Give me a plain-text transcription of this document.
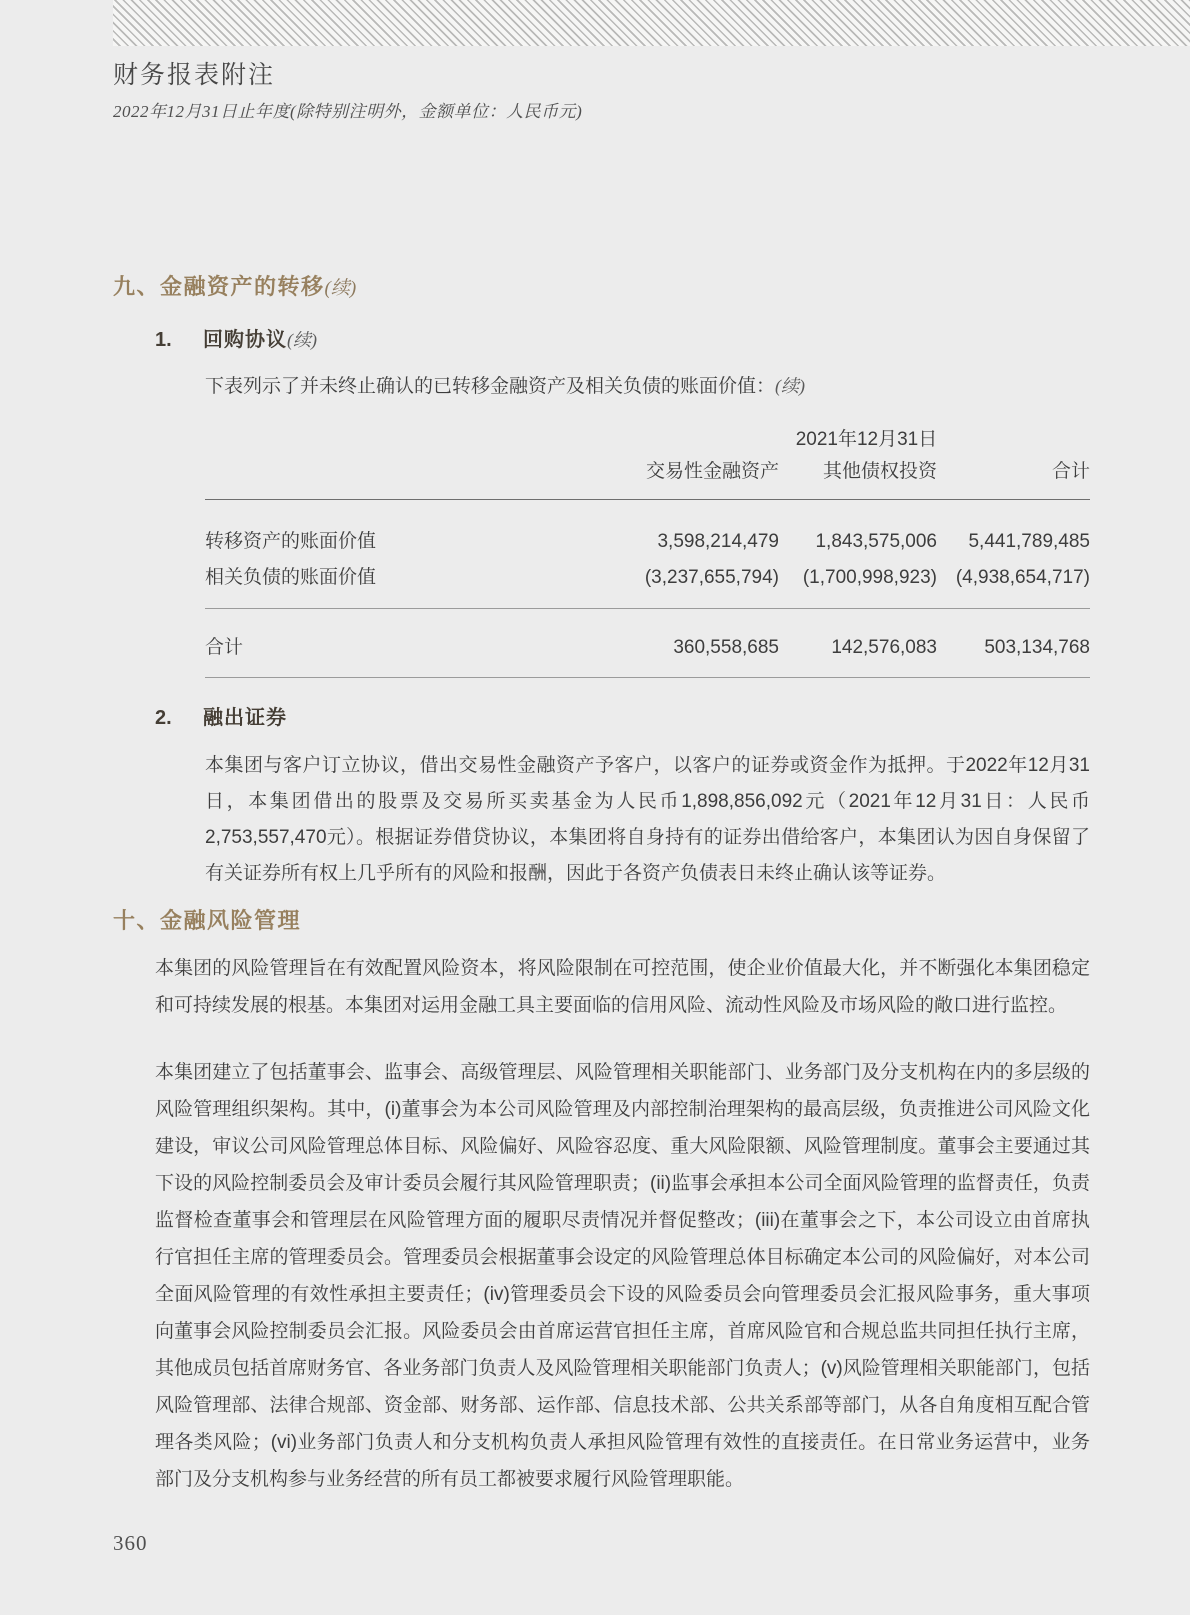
财务报表附注
2022年12月31日止年度(除特别注明外，金额单位：人民币元)
九、金融资产的转移(续)
1. 回购协议(续)
下表列示了并未终止确认的已转移金融资产及相关负债的账面价值：(续)
2021年12月31日
交易性金融资产	其他债权投资	合计
转移资产的账面价值	3,598,214,479	1,843,575,006	5,441,789,485
相关负债的账面价值	(3,237,655,794)	(1,700,998,923) (4,938,654,717)
合计	360,558,685	142,576,083	503,134,768
2. 融出证券
本集团与客户订立协议，借出交易性金融资产予客户，以客户的证券或资金作为抵押。于2022年12月31日，本集团借出的股票及交易所买卖基金为人民币1,898,856,092元（2021年12月31日：人民币2,753,557,470元）。根据证券借贷协议，本集团将自身持有的证券出借给客户，本集团认为因自身保留了有关证券所有权上几乎所有的风险和报酬，因此于各资产负债表日未终止确认该等证券。
十、金融风险管理
本集团的风险管理旨在有效配置风险资本，将风险限制在可控范围，使企业价值最大化，并不断强化本集团稳定和可持续发展的根基。本集团对运用金融工具主要面临的信用风险、流动性风险及市场风险的敞口进行监控。
本集团建立了包括董事会、监事会、高级管理层、风险管理相关职能部门、业务部门及分支机构在内的多层级的风险管理组织架构。其中，(i)董事会为本公司风险管理及内部控制治理架构的最高层级，负责推进公司风险文化建设，审议公司风险管理总体目标、风险偏好、风险容忍度、重大风险限额、风险管理制度。董事会主要通过其下设的风险控制委员会及审计委员会履行其风险管理职责；(ii)监事会承担本公司全面风险管理的监督责任，负责监督检查董事会和管理层在风险管理方面的履职尽责情况并督促整改；(iii)在董事会之下，本公司设立由首席执行官担任主席的管理委员会。管理委员会根据董事会设定的风险管理总体目标确定本公司的风险偏好，对本公司全面风险管理的有效性承担主要责任；(iv)管理委员会下设的风险委员会向管理委员会汇报风险事务，重大事项向董事会风险控制委员会汇报。风险委员会由首席运营官担任主席，首席风险官和合规总监共同担任执行主席，其他成员包括首席财务官、各业务部门负责人及风险管理相关职能部门负责人；(v)风险管理相关职能部门，包括风险管理部、法律合规部、资金部、财务部、运作部、信息技术部、公共关系部等部门，从各自角度相互配合管理各类风险；(vi)业务部门负责人和分支机构负责人承担风险管理有效性的直接责任。在日常业务运营中，业务部门及分支机构参与业务经营的所有员工都被要求履行风险管理职能。
360
